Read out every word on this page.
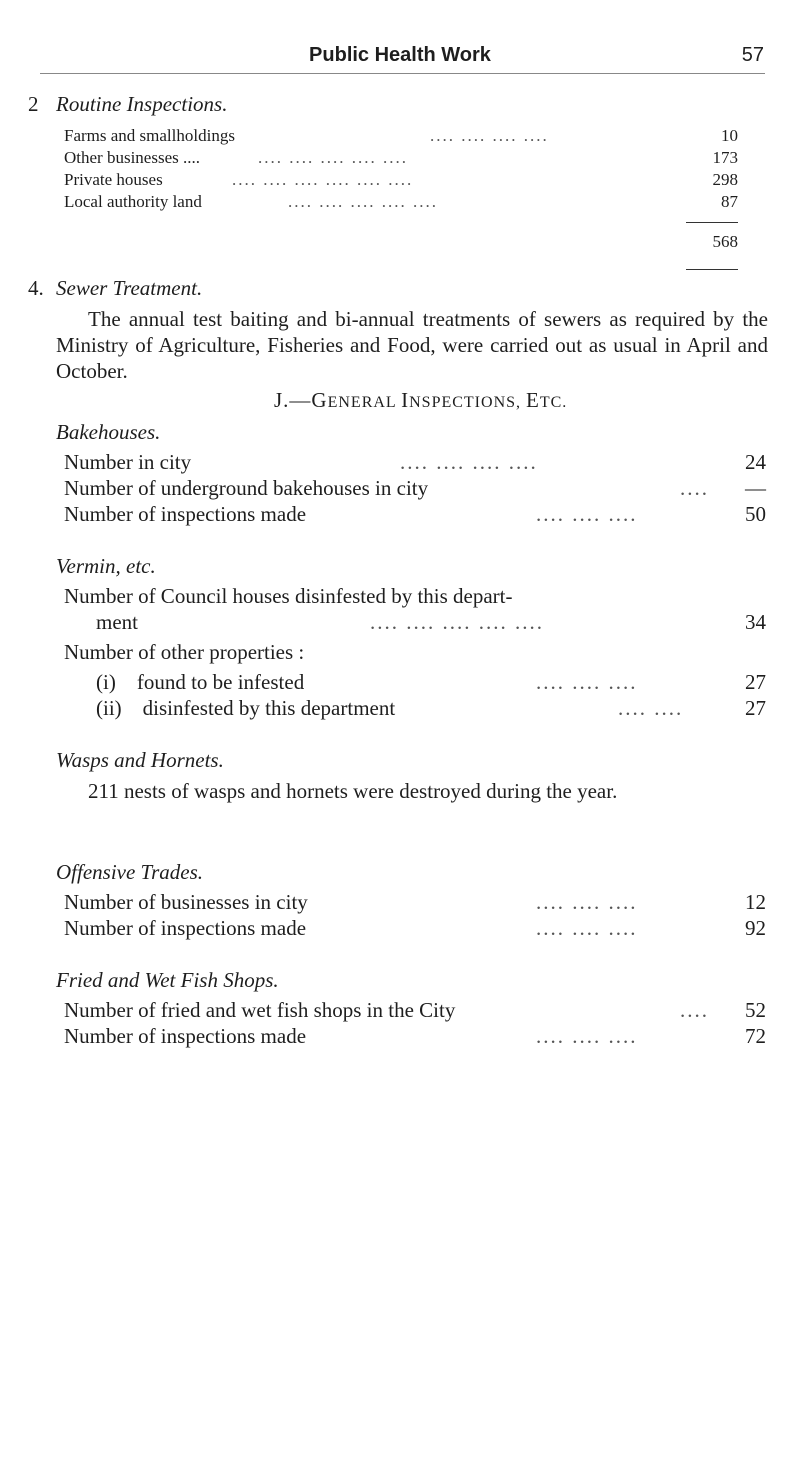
Public Health Work	57
2 Routine Inspections.
Farms and smallholdings	.... .... .... ....	10
Other businesses ....	.... .... .... .... ....	173
Private houses	.... .... .... .... .... ....	298
Local authority land	.... .... .... .... ....	87
568
4. Sewer Treatment.
The annual test baiting and bi-annual treatments of sewers as required by the Ministry of Agriculture, Fisheries and Food, were carried out as usual in April and October.
J.—GENERAL INSPECTIONS, ETC.
Bakehouses.
Number in city	.... .... .... ....	24
Number of underground bakehouses in city	.... —
Number of inspections made	.... .... ....	50
Vermin, etc.
Number of Council houses disinfested by this depart-
ment	.... .... .... .... ....	34
Number of other properties :
(i) found to be infested	.... .... ....	27
(ii) disinfested by this department	.... ....	27
Wasps and Hornets.
211 nests of wasps and hornets were destroyed during the year.
Offensive Trades.
Number of businesses in city	.... .... ....	12
Number of inspections made	.... .... ....	92
Fried and Wet Fish Shops.
Number of fried and wet fish shops in the City	.... 52
Number of inspections made	.... .... ....	72
